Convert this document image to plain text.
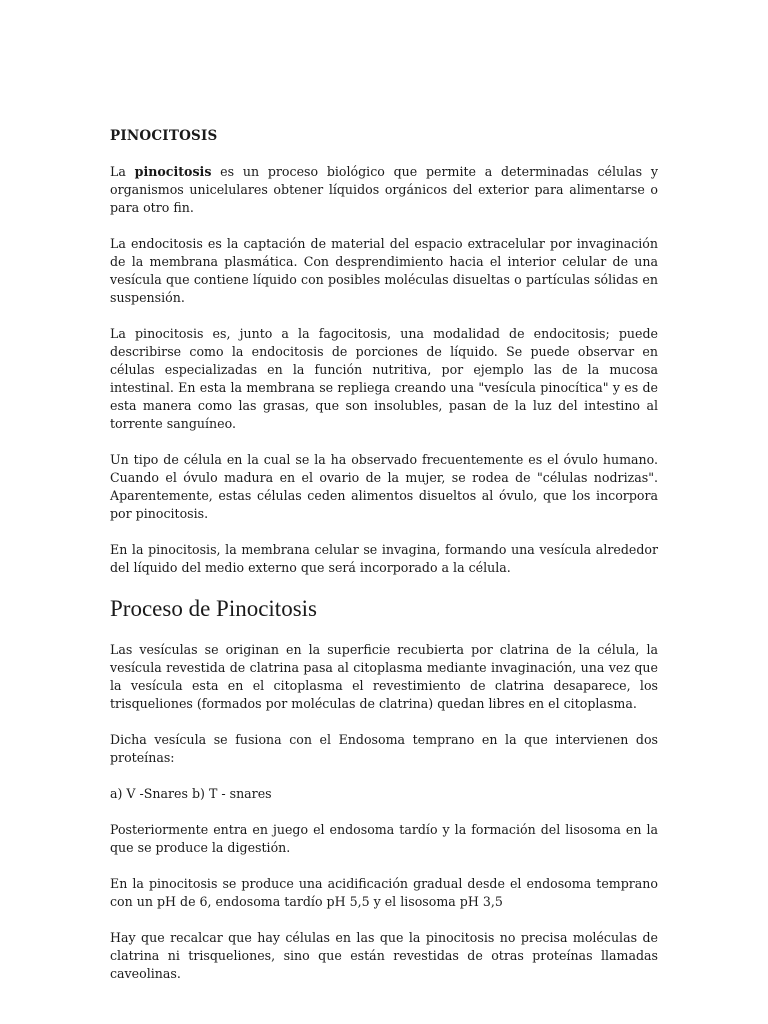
PINOCITOSIS

La pinocitosis es un proceso biológico que permite a determinadas células y organismos unicelulares obtener líquidos orgánicos del exterior para alimentarse o para otro fin.

La endocitosis es la captación de material del espacio extracelular por invaginación de la membrana plasmática. Con desprendimiento hacia el interior celular de una vesícula que contiene líquido con posibles moléculas disueltas o partículas sólidas en suspensión.

La pinocitosis es, junto a la fagocitosis, una modalidad de endocitosis; puede describirse como la endocitosis de porciones de líquido. Se puede observar en células especializadas en la función nutritiva, por ejemplo las de la mucosa intestinal. En esta la membrana se repliega creando una "vesícula pinocítica" y es de esta manera como las grasas, que son insolubles, pasan de la luz del intestino al torrente sanguíneo.

Un tipo de célula en la cual se la ha observado frecuentemente es el óvulo humano. Cuando el óvulo madura en el ovario de la mujer, se rodea de "células nodrizas". Aparentemente, estas células ceden alimentos disueltos al óvulo, que los incorpora por pinocitosis.

En la pinocitosis, la membrana celular se invagina, formando una vesícula alrededor del líquido del medio externo que será incorporado a la célula.

Proceso de Pinocitosis

Las vesículas se originan en la superficie recubierta por clatrina de la célula, la vesícula revestida de clatrina pasa al citoplasma mediante invaginación, una vez que la vesícula esta en el citoplasma el revestimiento de clatrina desaparece, los trisqueliones (formados por moléculas de clatrina) quedan libres en el citoplasma.

Dicha vesícula se fusiona con el Endosoma temprano en la que intervienen dos proteínas:

a) V -Snares b) T - snares

Posteriormente entra en juego el endosoma tardío y la formación del lisosoma en la que se produce la digestión.

En la pinocitosis se produce una acidificación gradual desde el endosoma temprano con un pH de 6, endosoma tardío pH 5,5 y el lisosoma pH 3,5

Hay que recalcar que hay células en las que la pinocitosis no precisa moléculas de clatrina ni trisqueliones, sino que están revestidas de otras proteínas llamadas caveolinas.
